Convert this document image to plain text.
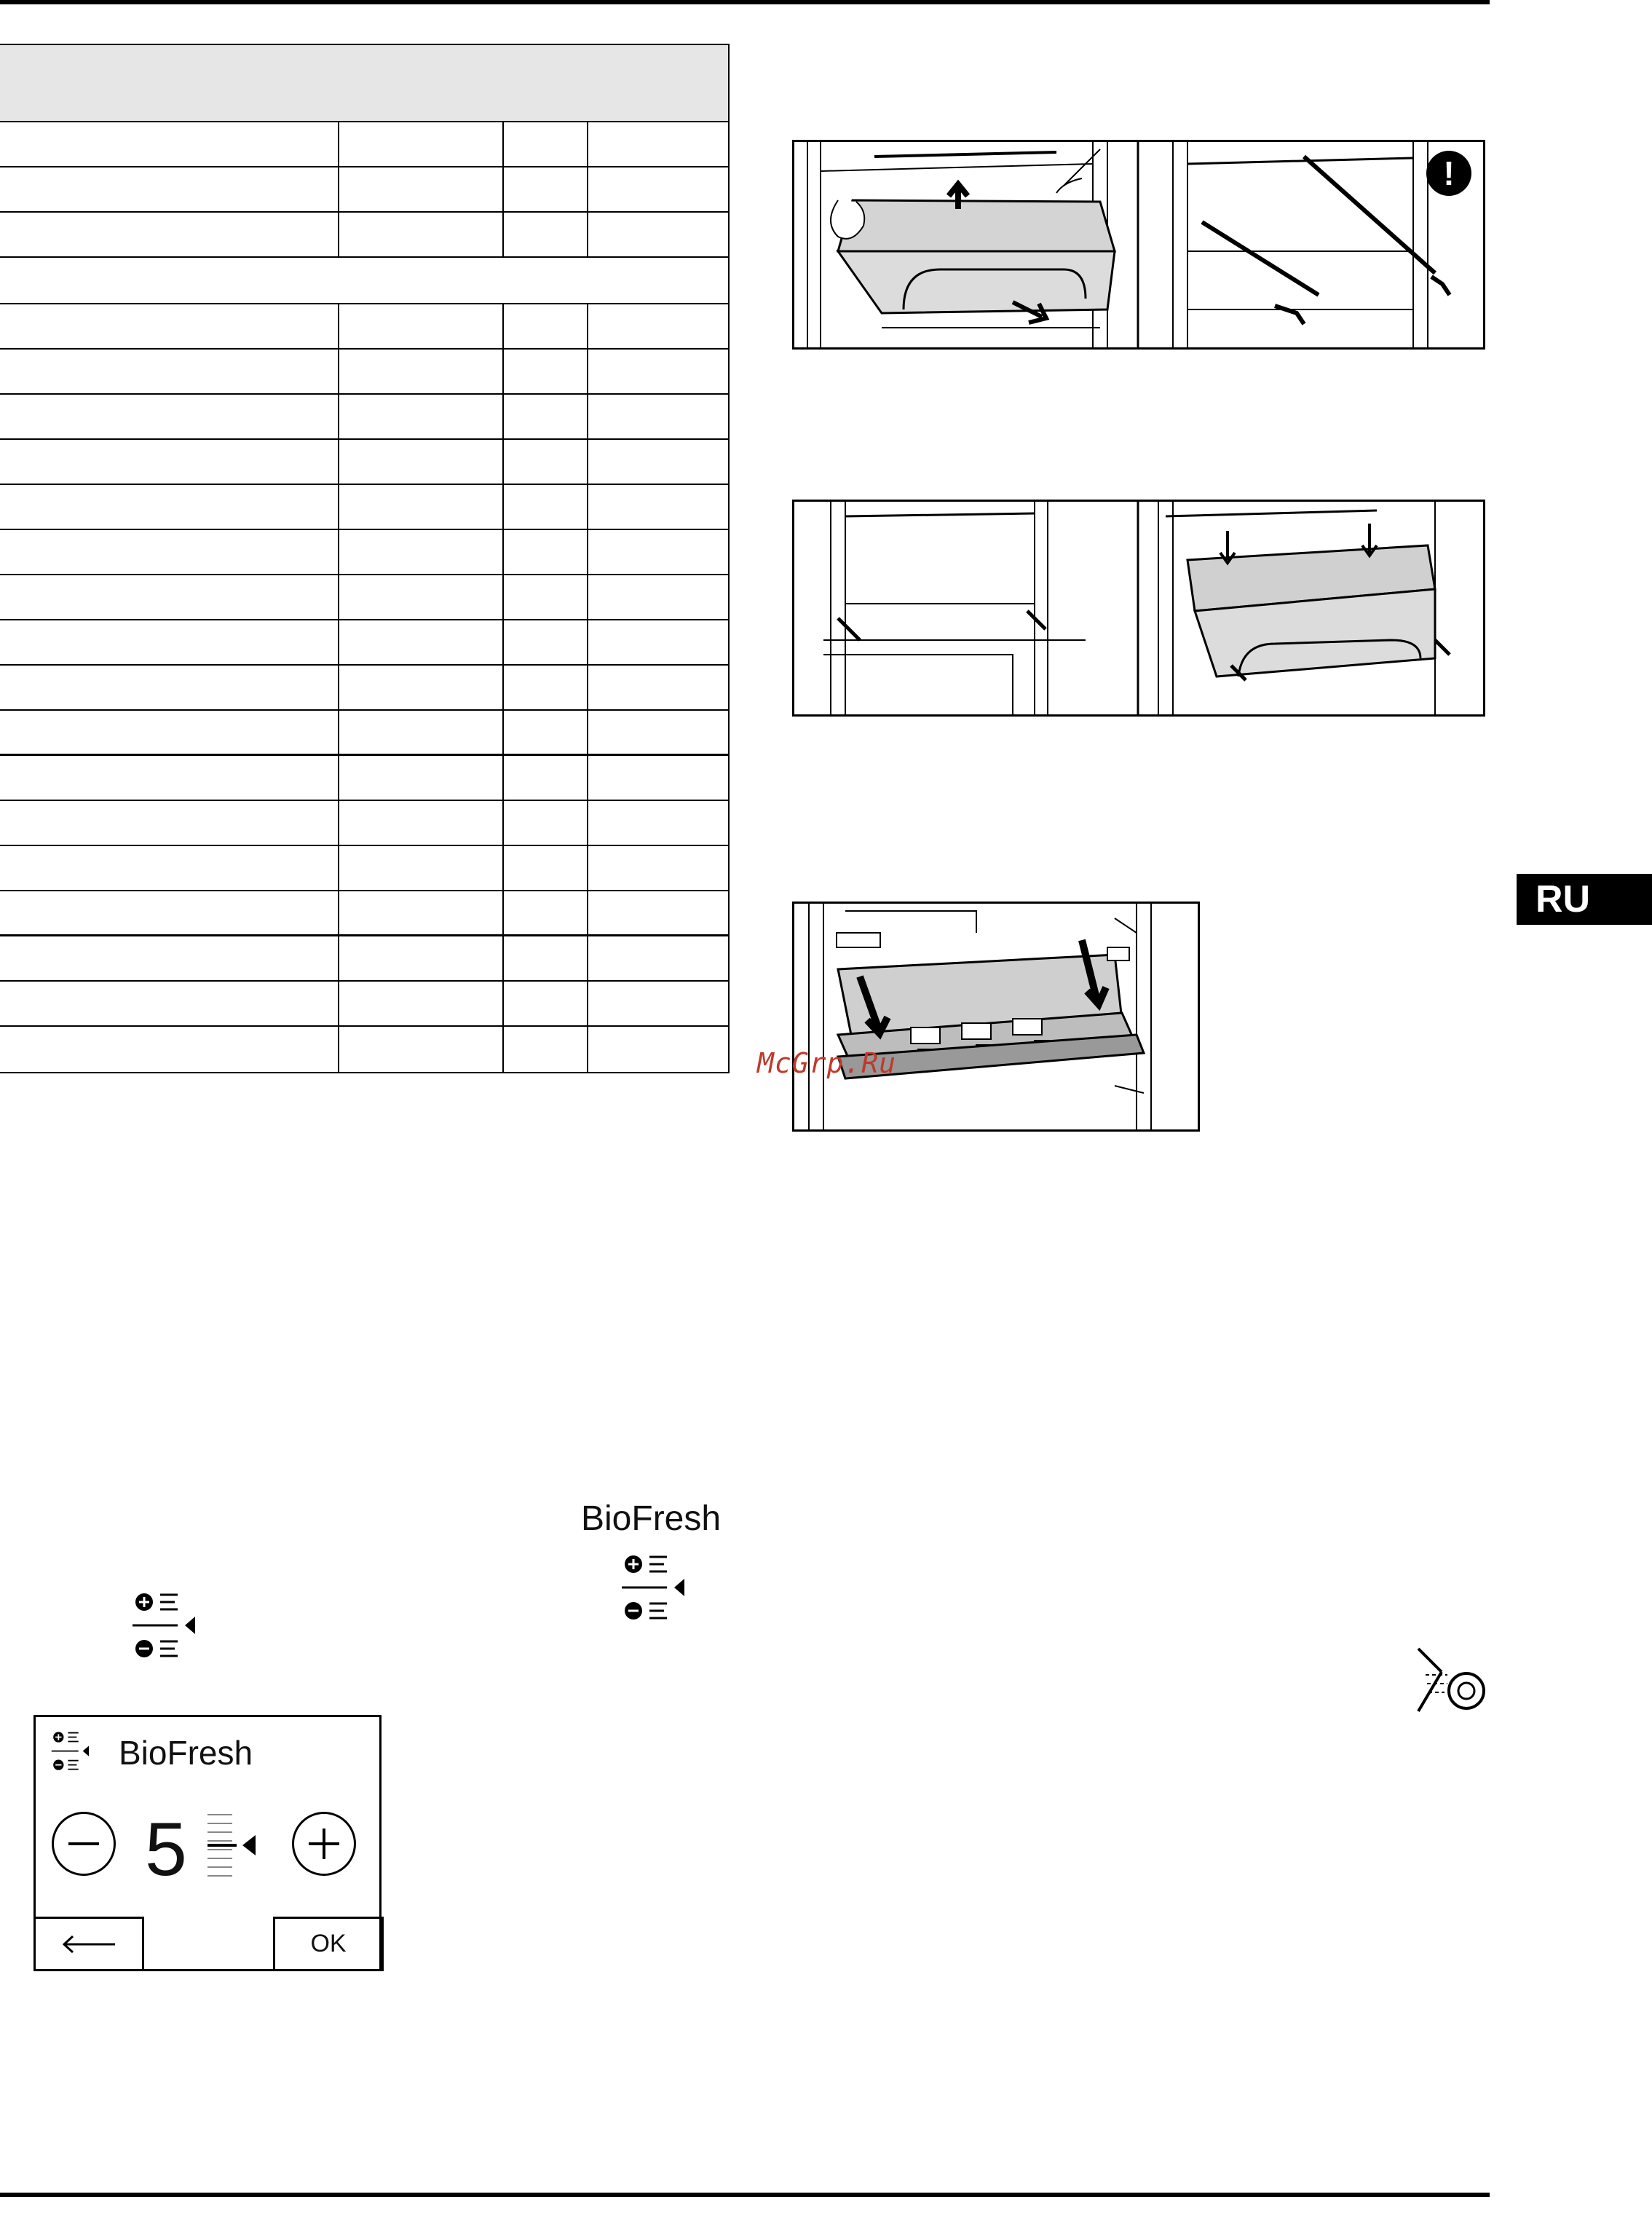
!
McGrp.Ru
RU
BioFresh
BioFresh
5
OK
